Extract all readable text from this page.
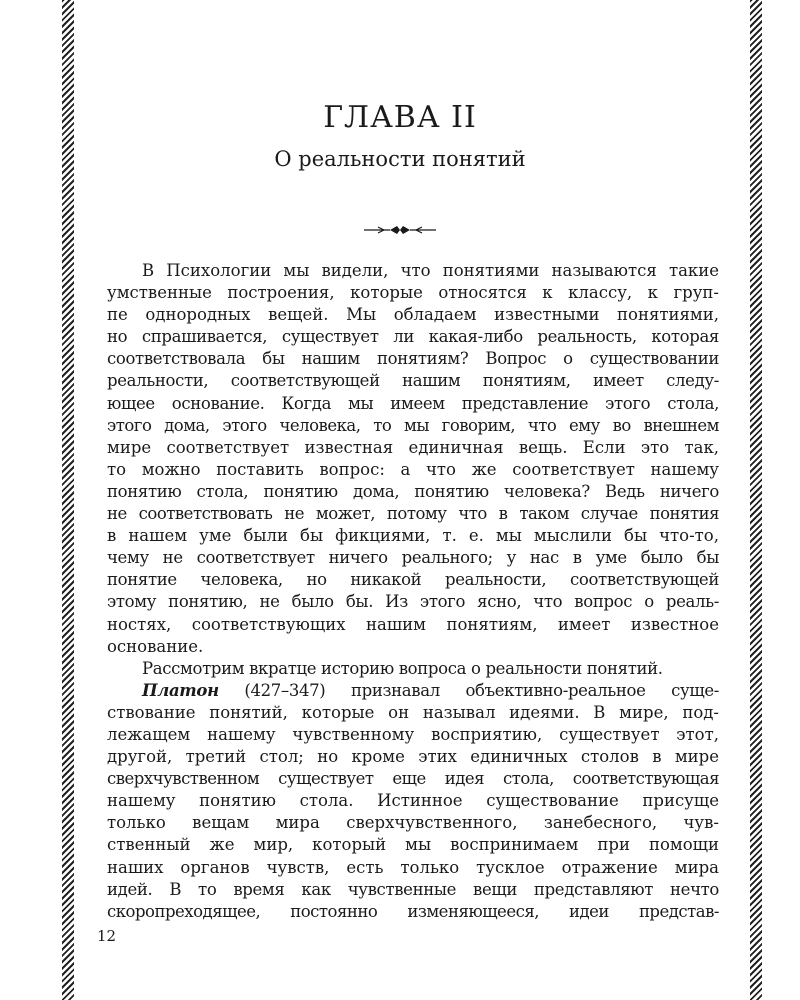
ГЛАВА II
О реальности понятий

В Психологии мы видели, что понятиями называются такие
умственные построения, которые относятся к классу, к груп-
пе однородных вещей. Мы обладаем известными понятиями,
но спрашивается, существует ли какая-либо реальность, которая
соответствовала бы нашим понятиям? Вопрос о существовании
реальности, соответствующей нашим понятиям, имеет следу-
ющее основание. Когда мы имеем представление этого стола,
этого дома, этого человека, то мы говорим, что ему во внешнем
мире соответствует известная единичная вещь. Если это так,
то можно поставить вопрос: а что же соответствует нашему
понятию стола, понятию дома, понятию человека? Ведь ничего
не соответствовать не может, потому что в таком случае понятия
в нашем уме были бы фикциями, т. е. мы мыслили бы что-то,
чему не соответствует ничего реального; у нас в уме было бы
понятие человека, но никакой реальности, соответствующей
этому понятию, не было бы. Из этого ясно, что вопрос о реаль-
ностях, соответствующих нашим понятиям, имеет известное
основание.

Рассмотрим вкратце историю вопроса о реальности понятий.

Платон (427–347) признавал объективно-реальное суще-
ствование понятий, которые он называл идеями. В мире, под-
лежащем нашему чувственному восприятию, существует этот,
другой, третий стол; но кроме этих единичных столов в мире
сверхчувственном существует еще идея стола, соответствующая
нашему понятию стола. Истинное существование присуще
только вещам мира сверхчувственного, занебесного, чув-
ственный же мир, который мы воспринимаем при помощи
наших органов чувств, есть только тусклое отражение мира
идей. В то время как чувственные вещи представляют нечто
скоропреходящее, постоянно изменяющееся, идеи представ-

12
